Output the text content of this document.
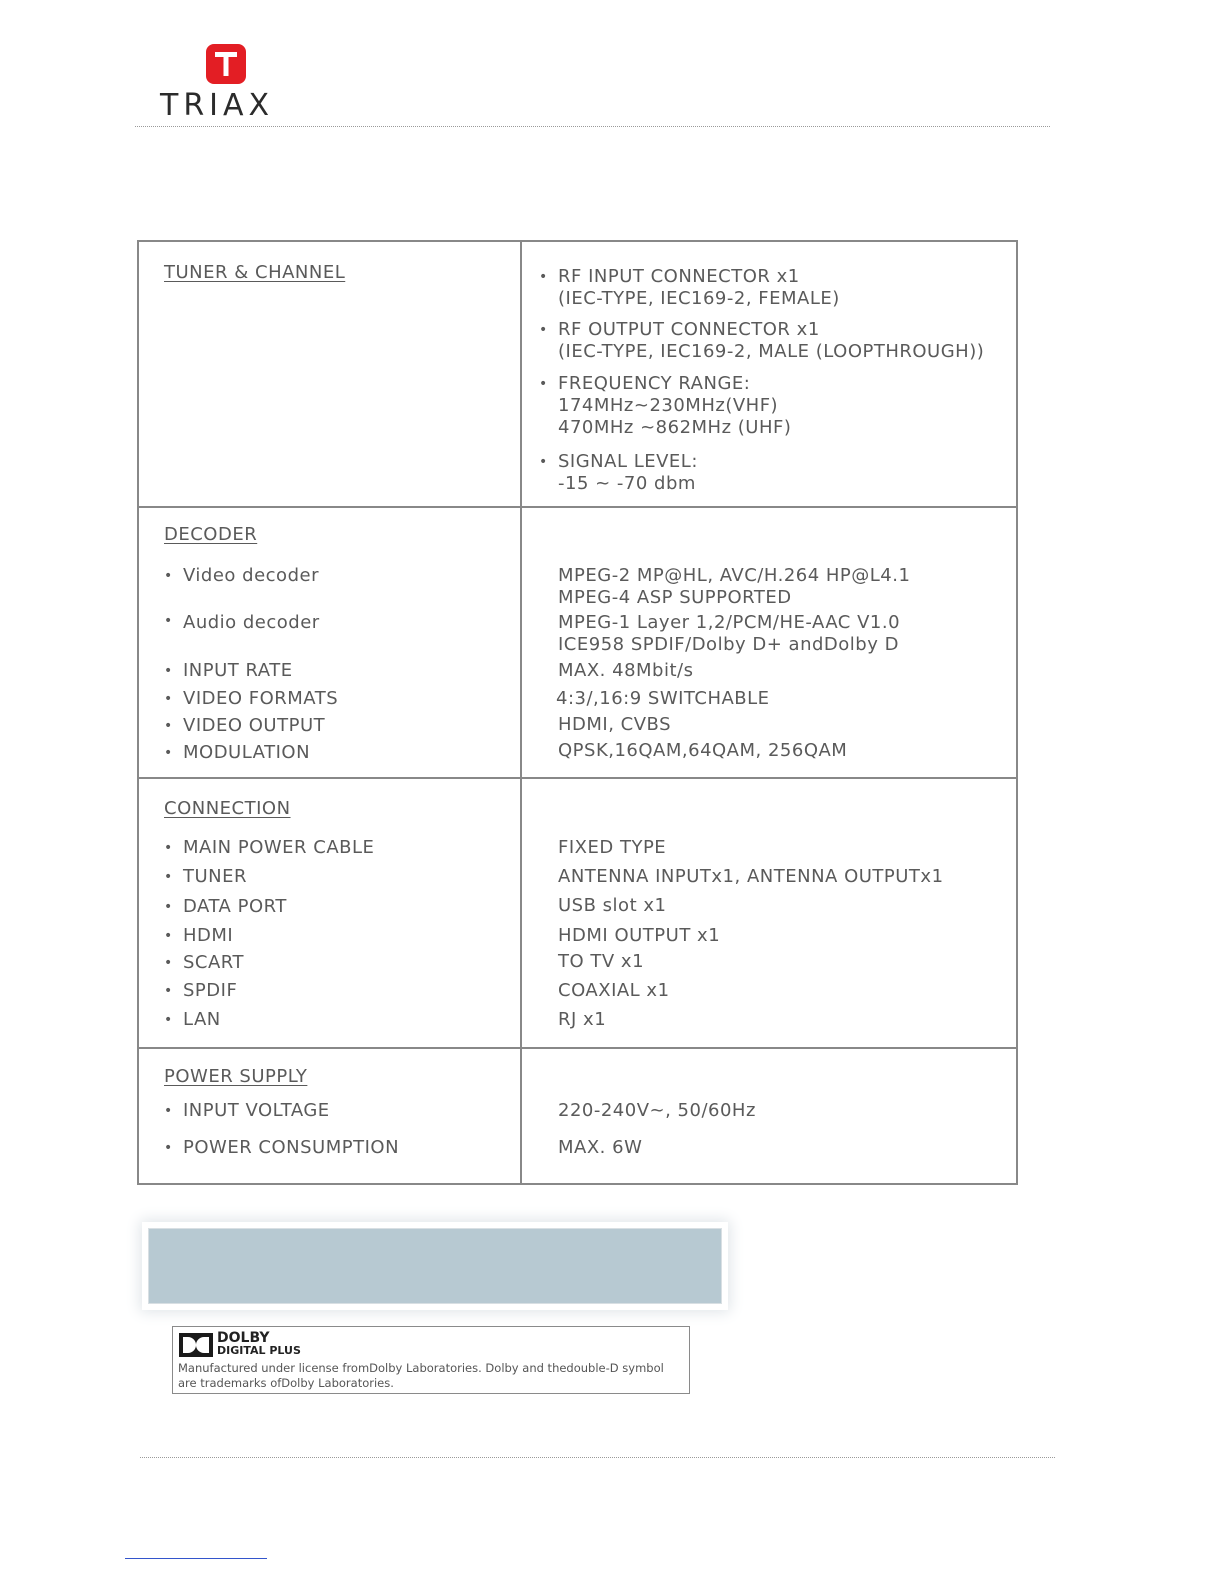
TRIAX
TUNER & CHANNEL	• RF INPUT CONNECTOR x1
(IEC-TYPE, IEC169-2, FEMALE)
• RF OUTPUT CONNECTOR x1
(IEC-TYPE, IEC169-2, MALE (LOOPTHROUGH))
• FREQUENCY RANGE:
174MHz~230MHz(VHF)
470MHz ~862MHz (UHF)
• SIGNAL LEVEL:
-15 ~ -70 dbm
DECODER
• Video decoder	MPEG-2 MP@HL, AVC/H.264 HP@L4.1
MPEG-4 ASP SUPPORTED
• Audio decoder	MPEG-1 Layer 1,2/PCM/HE-AAC V1.0
ICE958 SPDIF/Dolby D+ andDolby D
• INPUT RATE	MAX. 48Mbit/s
• VIDEO FORMATS	4:3/,16:9 SWITCHABLE
• VIDEO OUTPUT	HDMI, CVBS
• MODULATION	QPSK,16QAM,64QAM, 256QAM
CONNECTION
• MAIN POWER CABLE	FIXED TYPE
• TUNER	ANTENNA INPUTx1, ANTENNA OUTPUTx1
• DATA PORT	USB slot x1
• HDMI	HDMI OUTPUT x1
• SCART	TO TV x1
• SPDIF	COAXIAL x1
• LAN	RJ x1
POWER SUPPLY
• INPUT VOLTAGE	220-240V~, 50/60Hz
• POWER CONSUMPTION	MAX. 6W
DOLBY
DIGITAL PLUS
Manufactured under license fromDolby Laboratories. Dolby and thedouble-D symbol are trademarks ofDolby Laboratories.
